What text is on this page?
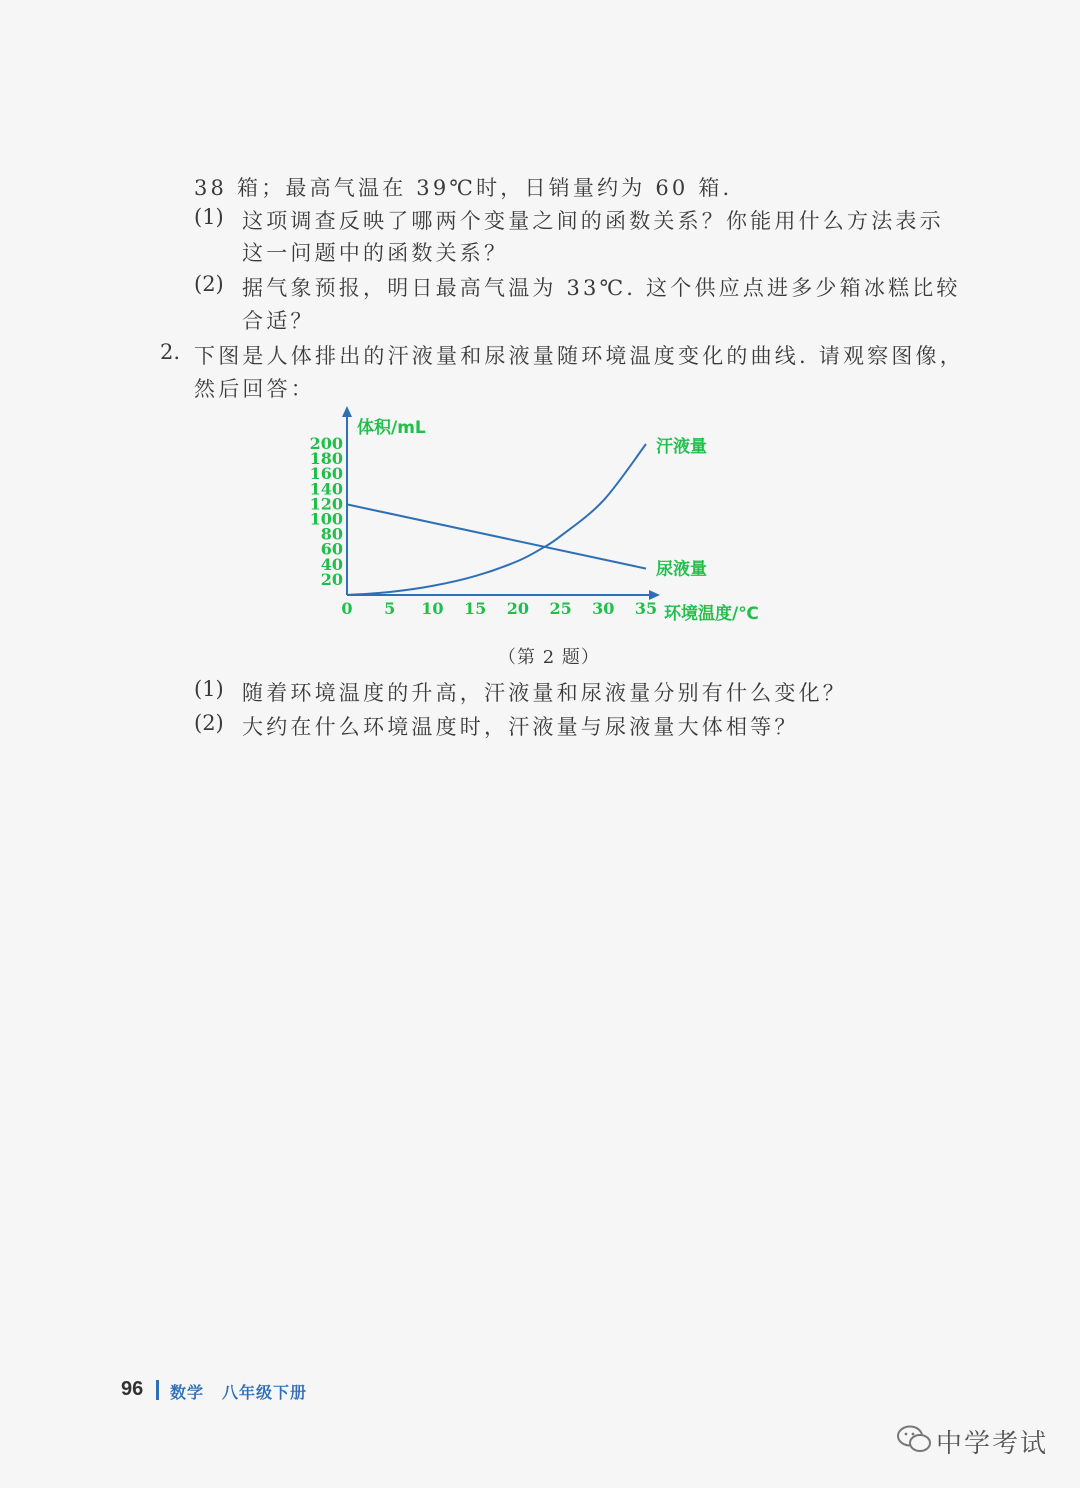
38 箱；最高气温在 39℃时，日销量约为 60 箱.
(1) 这项调查反映了哪两个变量之间的函数关系？你能用什么方法表示
这一问题中的函数关系？
(2) 据气象预报，明日最高气温为 33℃. 这个供应点进多少箱冰糕比较
合适？
2. 下图是人体排出的汗液量和尿液量随环境温度变化的曲线. 请观察图像，
然后回答：
20
40
60
80
100
120
140
160
180
200
0 5 10 15 20 25 30 35
体积/mL
环境温度/℃
汗液量
尿液量
（第 2 题）
(1) 随着环境温度的升高，汗液量和尿液量分别有什么变化？
(2) 大约在什么环境温度时，汗液量与尿液量大体相等？
96 数学 八年级下册
中学考试
